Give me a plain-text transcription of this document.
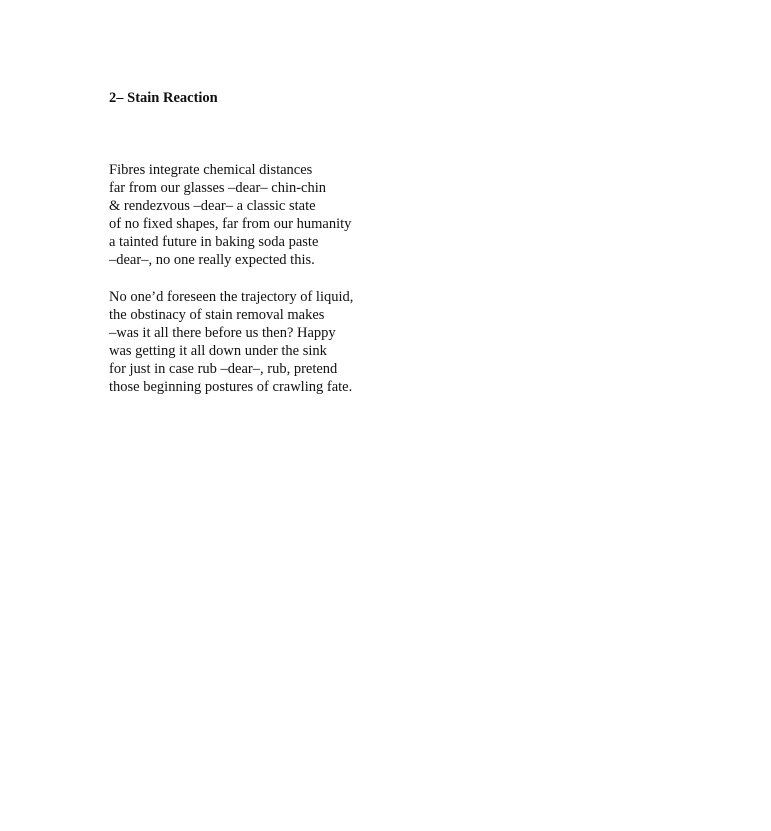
2– Stain Reaction
Fibres integrate chemical distances
far from our glasses –dear– chin-chin
& rendezvous –dear– a classic state
of no fixed shapes, far from our humanity
a tainted future in baking soda paste
–dear–, no one really expected this.
No one’d foreseen the trajectory of liquid,
the obstinacy of stain removal makes
–was it all there before us then? Happy
was getting it all down under the sink
for just in case rub –dear–, rub, pretend
those beginning postures of crawling fate.
